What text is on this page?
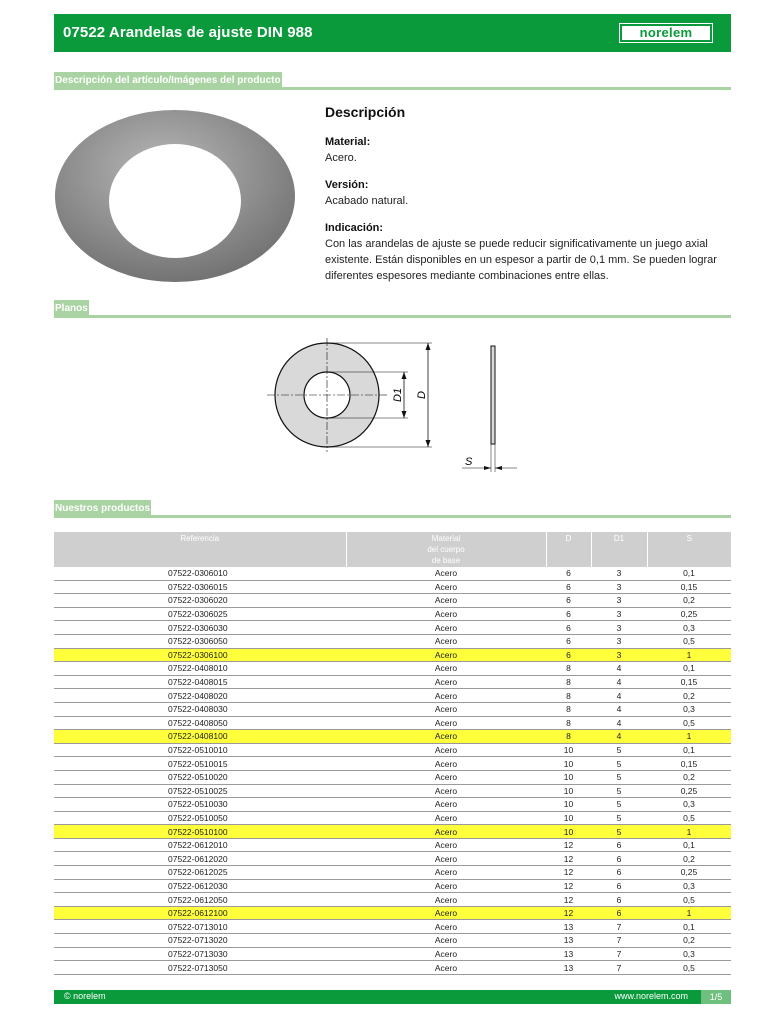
07522 Arandelas de ajuste DIN 988	norelem
Descripción del artículo/Imágenes del producto
Descripción
Material:

Acero.

Versión:

Acabado natural.

Indicación:

Con las arandelas de ajuste se puede reducir significativamente un juego axial existente. Están disponibles en un espesor a partir de 0,1 mm. Se pueden lograr diferentes espesores mediante combinaciones entre ellas.

Planos
D1 D
S
Nuestros productos
Referencia	Material
del cuerpo
de base	D	D1	S
07522-0306010	Acero	6	3	0,1
07522-0306015	Acero	6	3	0,15
07522-0306020	Acero	6	3	0,2
07522-0306025	Acero	6	3	0,25
07522-0306030	Acero	6	3	0,3
07522-0306050	Acero	6	3	0,5
07522-0306100	Acero	6	3	1
07522-0408010	Acero	8	4	0,1
07522-0408015	Acero	8	4	0,15
07522-0408020	Acero	8	4	0,2
07522-0408030	Acero	8	4	0,3
07522-0408050	Acero	8	4	0,5
07522-0408100	Acero	8	4	1
07522-0510010	Acero	10	5	0,1
07522-0510015	Acero	10	5	0,15
07522-0510020	Acero	10	5	0,2
07522-0510025	Acero	10	5	0,25
07522-0510030	Acero	10	5	0,3
07522-0510050	Acero	10	5	0,5
07522-0510100	Acero	10	5	1
07522-0612010	Acero	12	6	0,1
07522-0612020	Acero	12	6	0,2
07522-0612025	Acero	12	6	0,25
07522-0612030	Acero	12	6	0,3
07522-0612050	Acero	12	6	0,5
07522-0612100	Acero	12	6	1
07522-0713010	Acero	13	7	0,1
07522-0713020	Acero	13	7	0,2
07522-0713030	Acero	13	7	0,3
07522-0713050	Acero	13	7	0,5
© norelem	www.norelem.com	1/5
